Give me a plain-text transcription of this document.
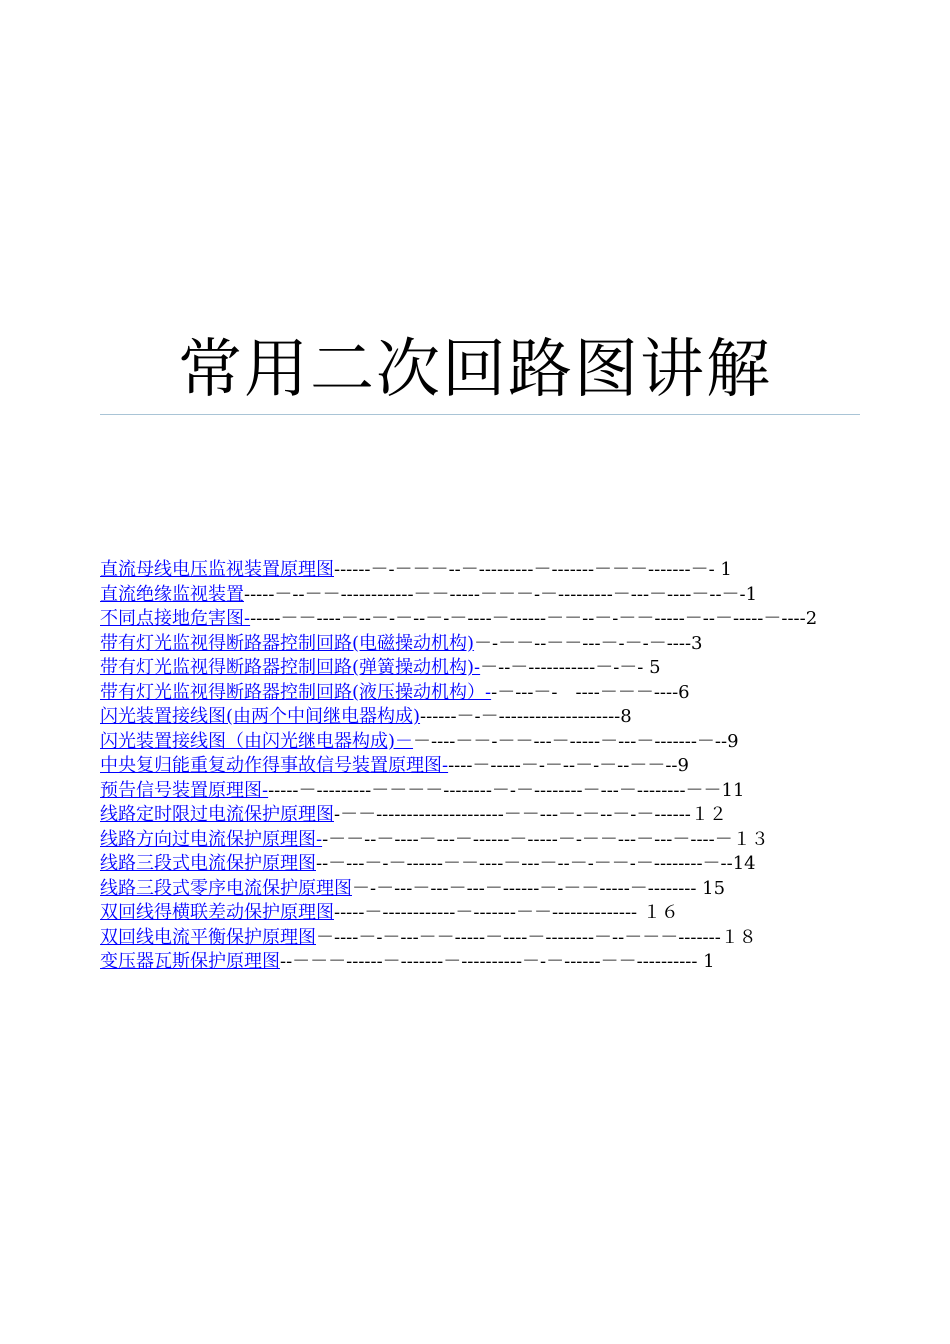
常用二次回路图讲解
直流母线电压监视装置原理图------－-－－－--－---------－-------－－－-------－- 1
直流绝缘监视装置-----－--－－------------－－-----－－－-－---------－---－----－--－-1
不同点接地危害图------－－----－--－-－--－-－----－------－－--－-－－-----－--－-----－----2
带有灯光监视得断路器控制回路(电磁操动机构)－-－－--－－---－-－-－----3
带有灯光监视得断路器控制回路(弹簧操动机构)-－--－-----------－-－- 5
带有灯光监视得断路器控制回路(液压操动机构）--－---－-　----－－－----6
闪光装置接线图(由两个中间继电器构成)------－-－--------------------8
闪光装置接线图（由闪光继电器构成)－－----－－-－－---－-----－---－-------－--9
中央复归能重复动作得事故信号装置原理图-----－-----－-－--－-－--－－--9
预告信号装置原理图------－---------－－－－--------－-－--------－---－--------－－11
线路定时限过电流保护原理图-－－---------------------－－---－-－--－-－------１２
线路方向过电流保护原理图--－－--－----－---－------－-----－-－－---－---－----－１３
线路三段式电流保护原理图--－---－-－------－－----－---－--－-－－-－--------－--14
线路三段式零序电流保护原理图－-－---－---－---－------－-－－-----－-------- 15
双回线得横联差动保护原理图-----－------------－-------－－-------------- １６
双回线电流平衡保护原理图－----－-－---－－-----－----－--------－--－－－-------１８
变压器瓦斯保护原理图--－－－------－-------－----------－-－------－－---------- 1
